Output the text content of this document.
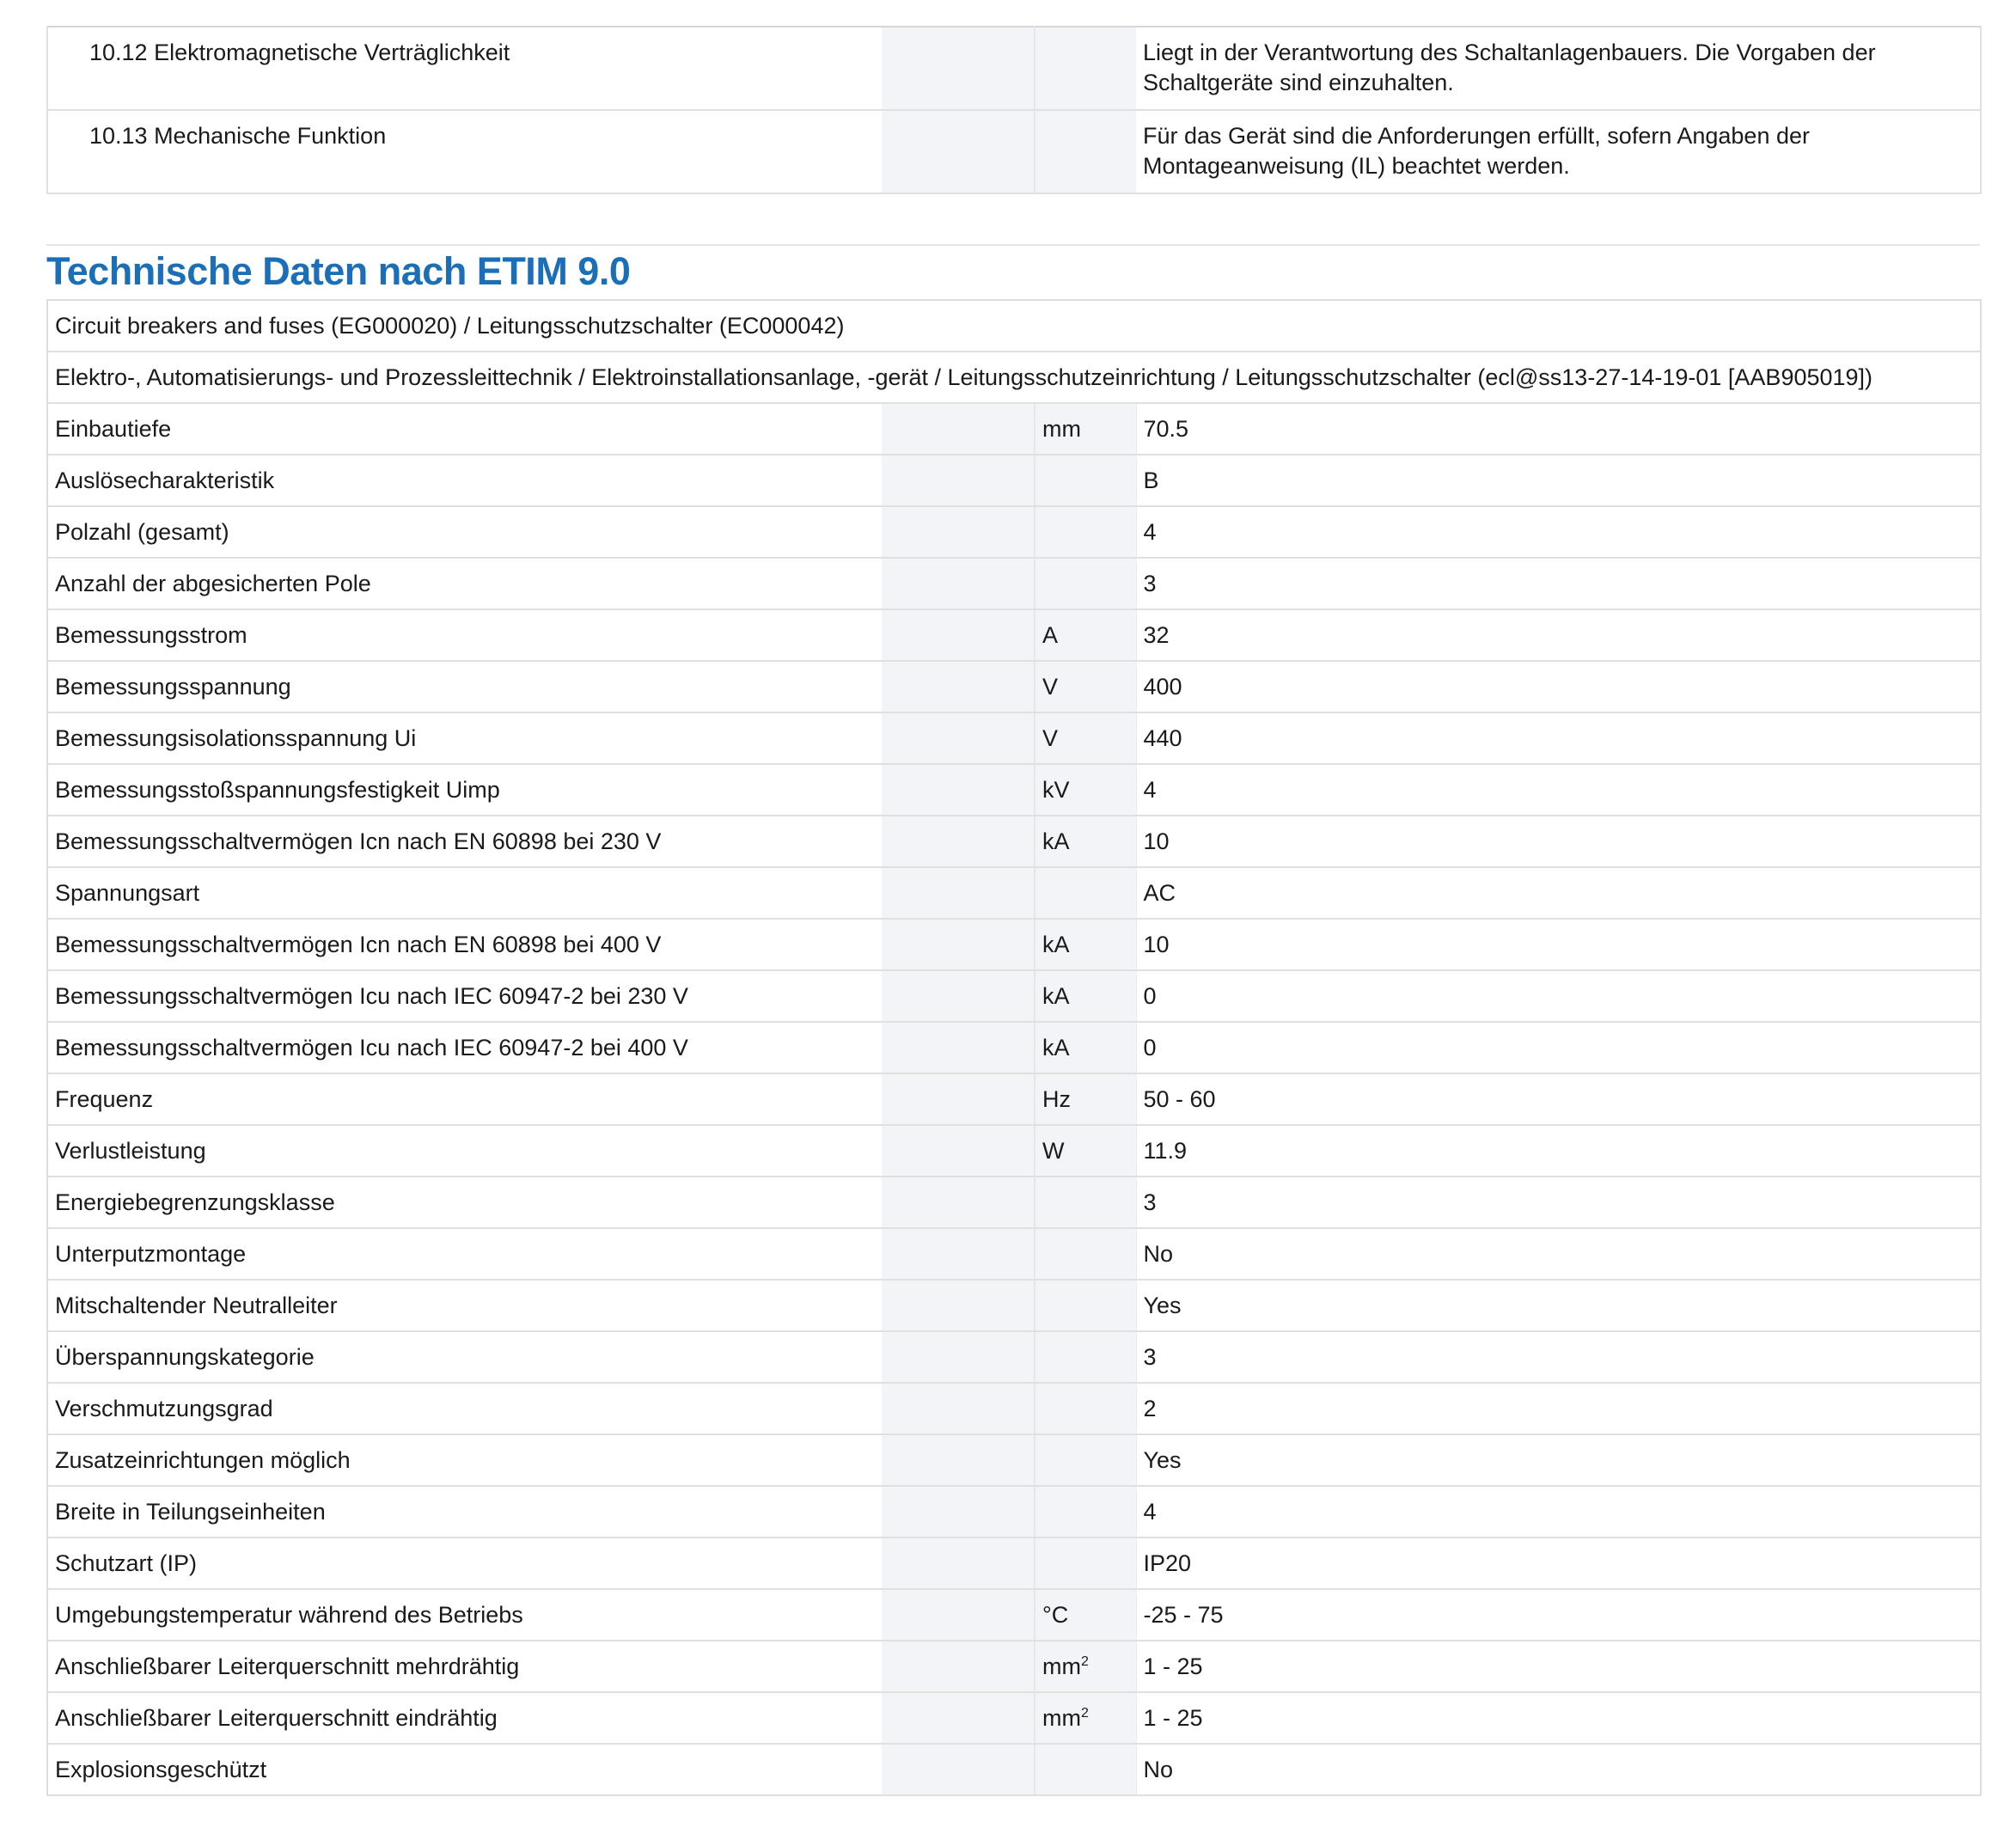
10.12 Elektromagnetische Verträglichkeit			Liegt in der Verantwortung des Schaltanlagenbauers. Die Vorgaben der
Schaltgeräte sind einzuhalten.

10.13 Mechanische Funktion			Für das Gerät sind die Anforderungen erfüllt, sofern Angaben der
Montageanweisung (IL) beachtet werden.
Technische Daten nach ETIM 9.0
Circuit breakers and fuses (EG000020) / Leitungsschutzschalter (EC000042)			
Elektro-, Automatisierungs- und Prozessleittechnik / Elektroinstallationsanlage, -gerät / Leitungsschutzeinrichtung / Leitungsschutzschalter (ecl@ss13-27-14-19-01 [AAB905019])			
Einbautiefe		mm	70.5
Auslösecharakteristik			B
Polzahl (gesamt)			4
Anzahl der abgesicherten Pole			3
Bemessungsstrom		A	32
Bemessungsspannung		V	400
Bemessungsisolationsspannung Ui		V	440
Bemessungsstoßspannungsfestigkeit Uimp		kV	4
Bemessungsschaltvermögen Icn nach EN 60898 bei 230 V		kA	10
Spannungsart			AC
Bemessungsschaltvermögen Icn nach EN 60898 bei 400 V		kA	10
Bemessungsschaltvermögen Icu nach IEC 60947-2 bei 230 V		kA	0
Bemessungsschaltvermögen Icu nach IEC 60947-2 bei 400 V		kA	0
Frequenz		Hz	50 - 60
Verlustleistung		W	11.9
Energiebegrenzungsklasse			3
Unterputzmontage			No
Mitschaltender Neutralleiter			Yes
Überspannungskategorie			3
Verschmutzungsgrad			2
Zusatzeinrichtungen möglich			Yes
Breite in Teilungseinheiten			4
Schutzart (IP)			IP20
Umgebungstemperatur während des Betriebs		°C	-25 - 75
Anschließbarer Leiterquerschnitt mehrdrähtig		$mm^2$	1 - 25
Anschließbarer Leiterquerschnitt eindrähtig		$mm^2$	1 - 25
Explosionsgeschützt			No
